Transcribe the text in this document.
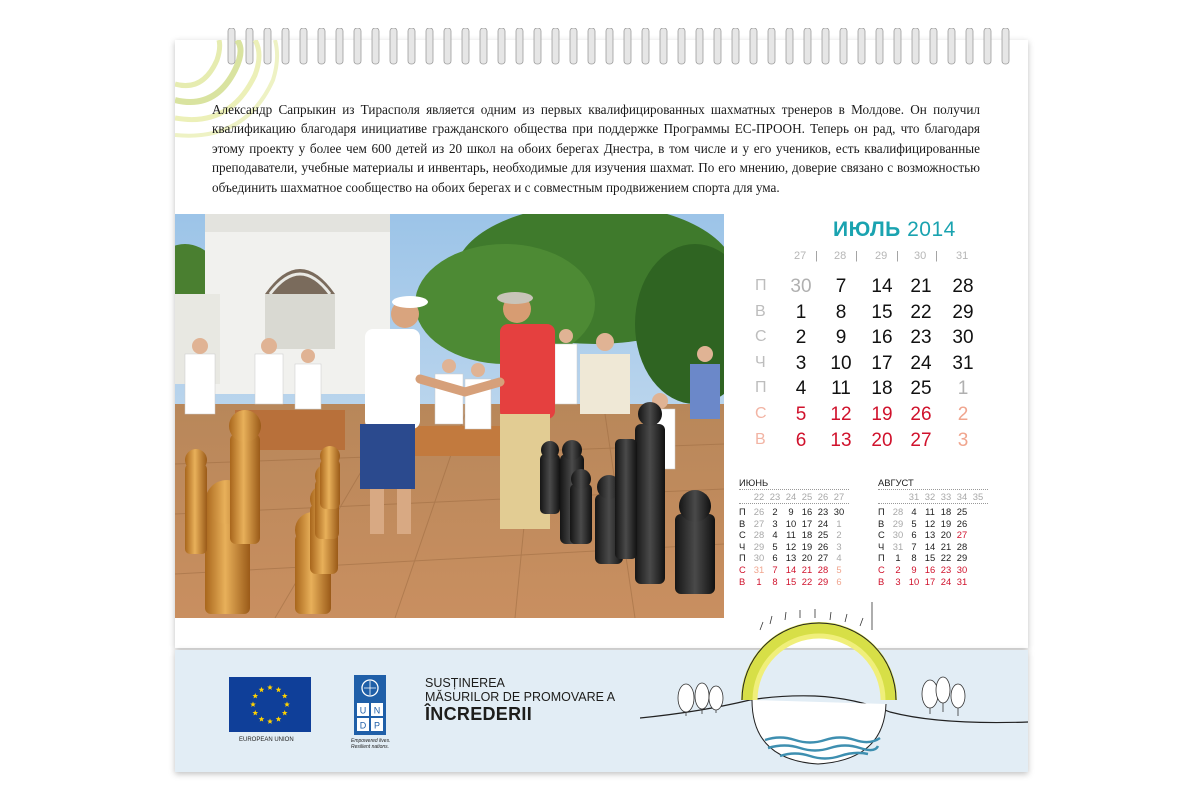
Александр Сапрыкин из Тирасполя является одним из первых квалифицированных шахматных тренеров в Молдове. Он получил квалификацию благодаря инициативе гражданского общества при поддержке Программы ЕС-ПРООН. Теперь он рад, что благодаря этому проекту у более чем 600 детей из 20 школ на обоих берегах Днестра, в том числе и у его учеников, есть квалифицированные преподаватели, учебные материалы и инвентарь, необходимые для изучения шахмат. По его мнению, доверие связано с возможностью объединить шахматное сообщество на обоих берегах и с совместным продвижением спорта для ума.
ИЮЛЬ 2014
27 | 28 | 29 | 30 | 31
П	30	7	14 21	28
В	1	8	15 22	29
С	2	9	16 23	30
Ч	3	10	17 24	31
П	4	11	18 25	1
С	5	12	19 26	2
В	6	13	20 27	3
ИЮНЬ
22 23 24 25 26 27
П 26 2	9 16 23 30
В 27 3 10 17 24 1
С 28 4 11 18 25 2
Ч 29 5 12 19 26 3
П 30 6 13 20 27 4
С 31 7 14 21 28 5
В	1	8 15 22 29 6
АВГУСТ
31 32 33 34 35
П 28 4 11 18 25
В 29 5 12 19 26
С 30 6 13 20 27
Ч 31 7 14 21 28
П	1	8 15 22 29
С	2	9 16 23 30
В	3 10 17 24 31
EUROPEAN UNION
U N
D P
Empowered lives.
Resilient nations.
SUSȚINEREA
MĂSURILOR DE PROMOVARE A
ÎNCREDERII
